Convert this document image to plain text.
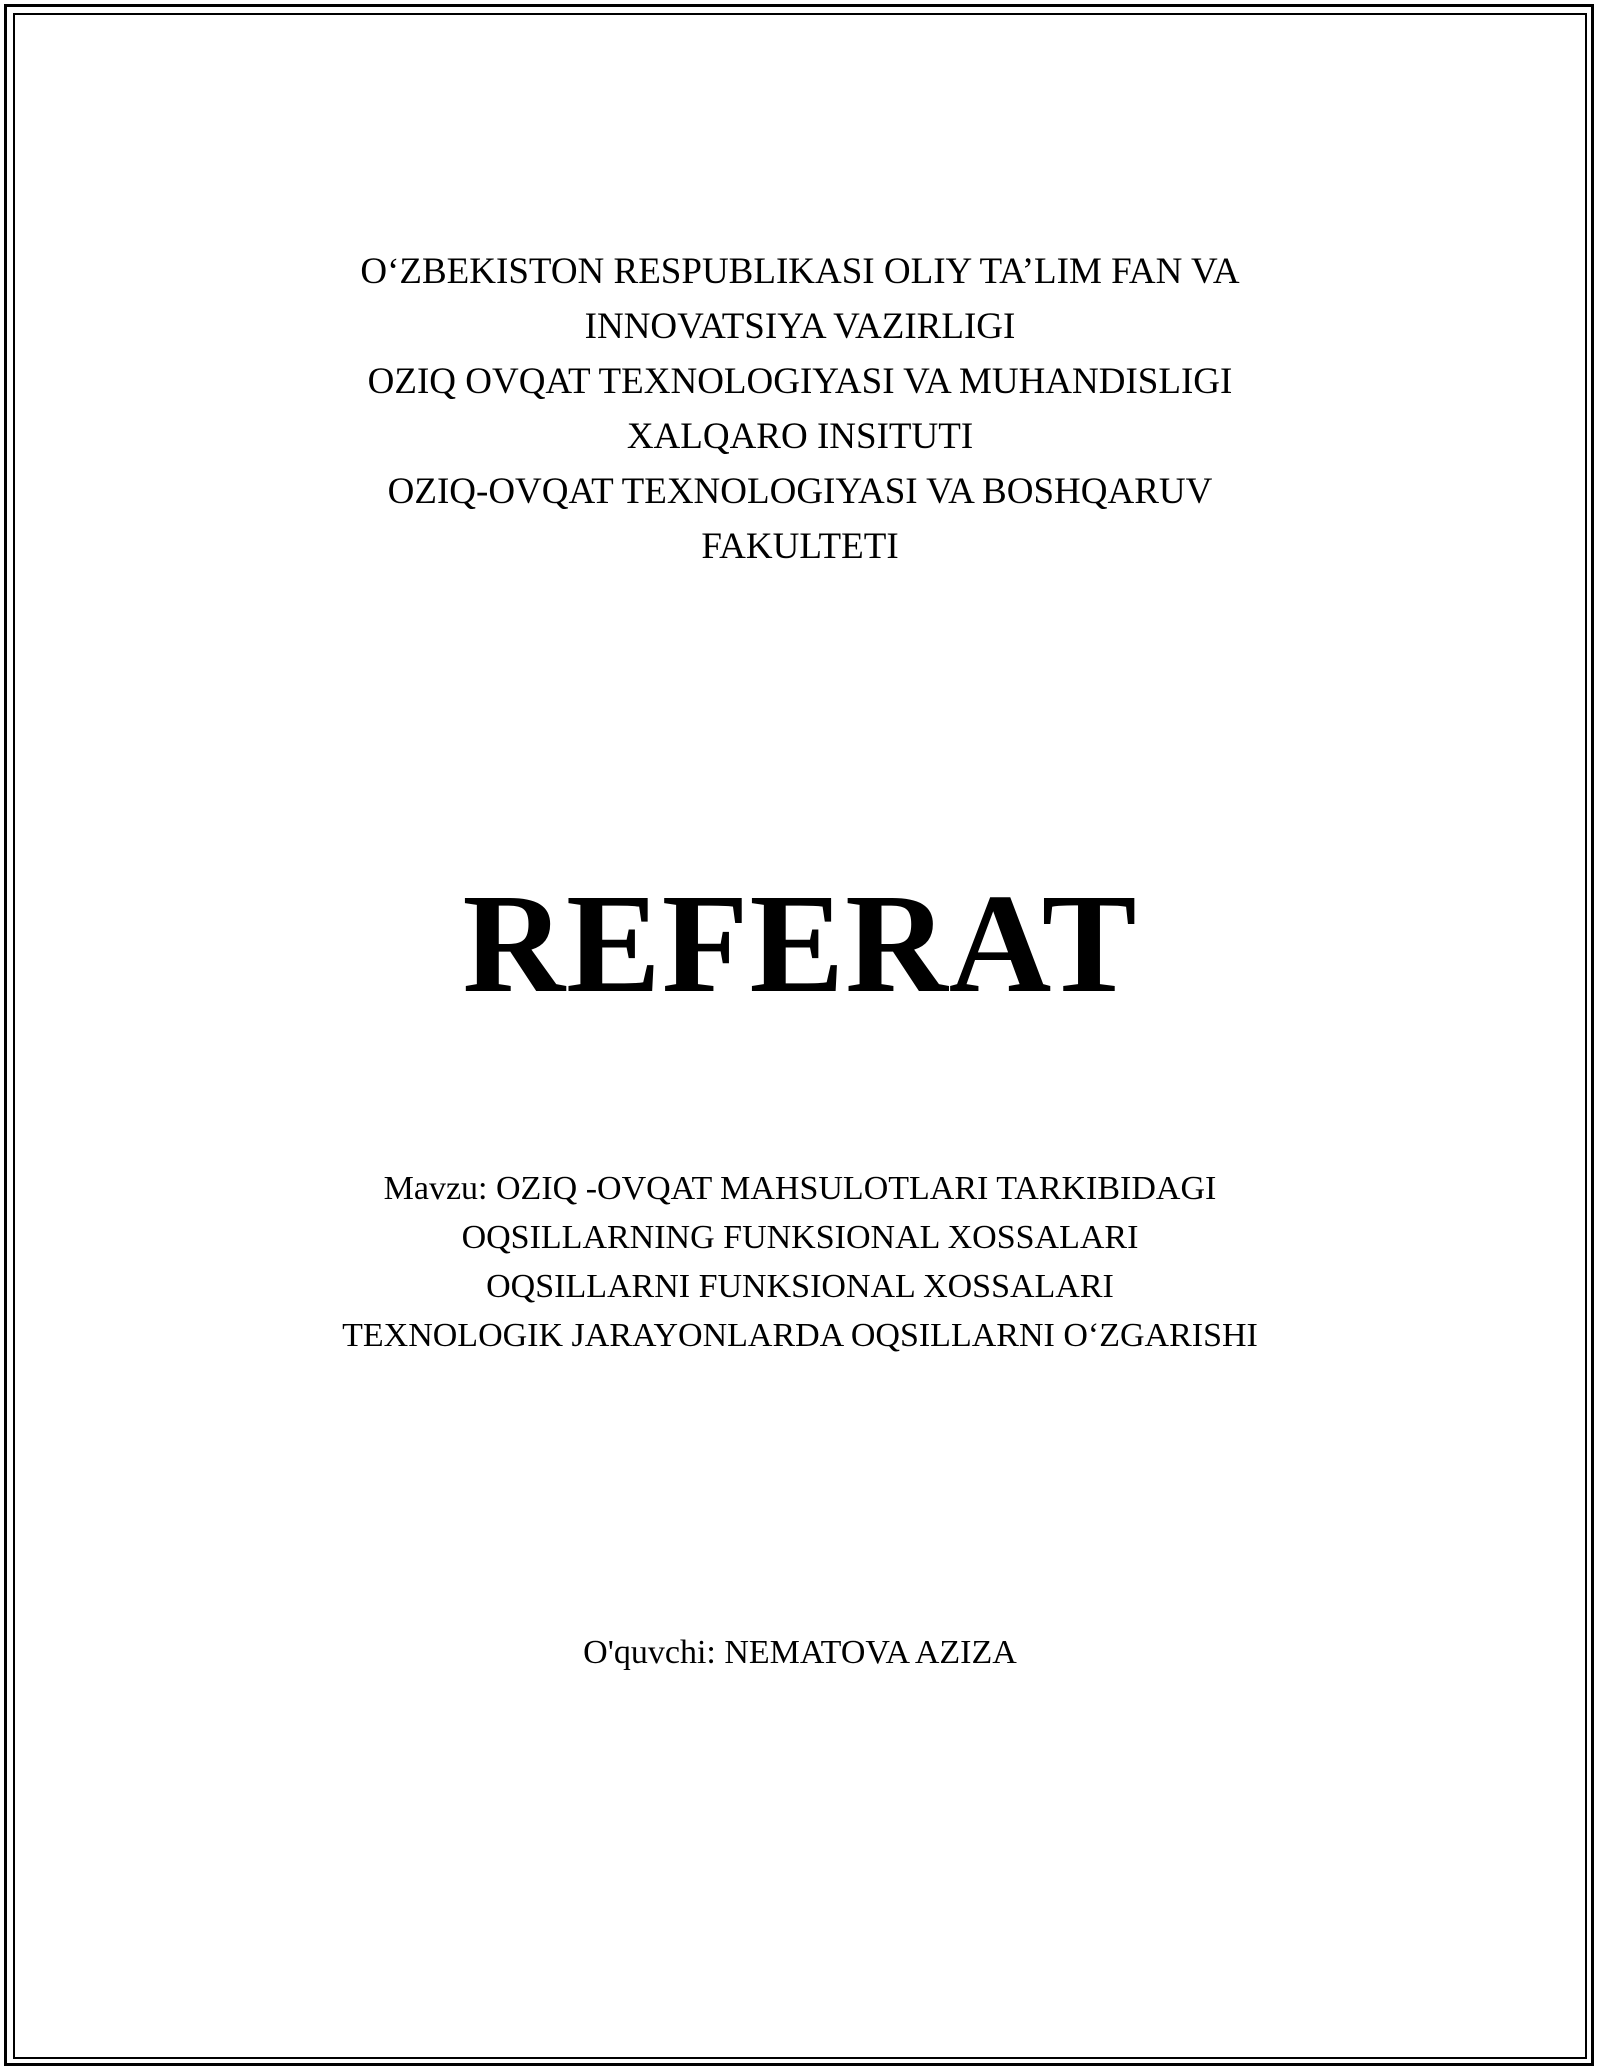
O‘ZBEKISTON RESPUBLIKASI OLIY TA’LIM FAN VA
INNOVATSIYA VAZIRLIGI
OZIQ OVQAT TEXNOLOGIYASI VA MUHANDISLIGI
XALQARO INSITUTI
OZIQ-OVQAT TEXNOLOGIYASI VA BOSHQARUV
FAKULTETI
REFERAT
Mavzu: OZIQ -OVQAT MAHSULOTLARI TARKIBIDAGI
OQSILLARNING FUNKSIONAL XOSSALARI
OQSILLARNI FUNKSIONAL XOSSALARI
TEXNOLOGIK JARAYONLARDA OQSILLARNI O‘ZGARISHI
O'quvchi: NEMATOVA AZIZA
